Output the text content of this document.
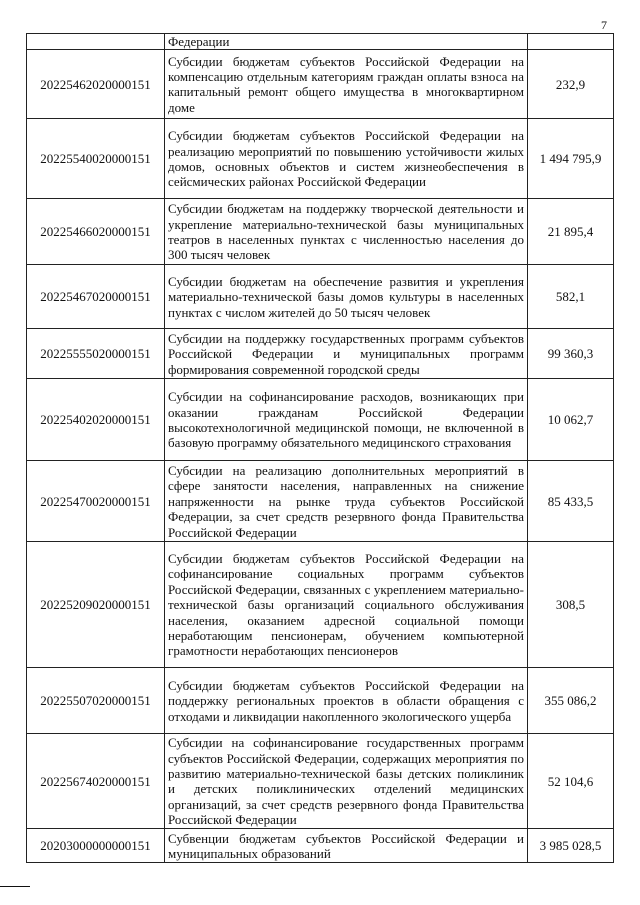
7
	Федерации	
20225462020000151	Субсидии бюджетам субъектов Российской Федерации на компенсацию отдельным категориям граждан оплаты взноса на капитальный ремонт общего имущества в многоквартирном доме	232,9
20225540020000151	Субсидии бюджетам субъектов Российской Федерации на реализацию мероприятий по повышению устойчивости жилых домов, основных объектов и систем жизнеобеспечения в сейсмических районах Российской Федерации	1 494 795,9
20225466020000151	Субсидии бюджетам на поддержку творческой деятельности и укрепление материально-технической базы муниципальных театров в населенных пунктах с численностью населения до 300 тысяч человек	21 895,4
20225467020000151	Субсидии бюджетам на обеспечение развития и укрепления материально-технической базы домов культуры в населенных пунктах с числом жителей до 50 тысяч человек	582,1
20225555020000151	Субсидии на поддержку государственных программ субъектов Российской Федерации и муниципальных программ формирования современной городской среды	99 360,3
20225402020000151	Субсидии на софинансирование расходов, возникающих при оказании гражданам Российской Федерации высокотехнологичной медицинской помощи, не включенной в базовую программу обязательного медицинского страхования	10 062,7
20225470020000151	Субсидии на реализацию дополнительных мероприятий в сфере занятости населения, направленных на снижение напряженности на рынке труда субъектов Российской Федерации, за счет средств резервного фонда Правительства Российской Федерации	85 433,5
20225209020000151	Субсидии бюджетам субъектов Российской Федерации на софинансирование социальных программ субъектов Российской Федерации, связанных с укреплением материально-технической базы организаций социального обслуживания населения, оказанием адресной социальной помощи неработающим пенсионерам, обучением компьютерной грамотности неработающих пенсионеров	308,5
20225507020000151	Субсидии бюджетам субъектов Российской Федерации на поддержку региональных проектов в области обращения с отходами и ликвидации накопленного экологического ущерба	355 086,2
20225674020000151	Субсидии на софинансирование государственных программ субъектов Российской Федерации, содержащих мероприятия по развитию материально-технической базы детских поликлиник и детских поликлинических отделений медицинских организаций, за счет средств резервного фонда Правительства Российской Федерации	52 104,6
20203000000000151	Субвенции бюджетам субъектов Российской Федерации и муниципальных образований	3 985 028,5
